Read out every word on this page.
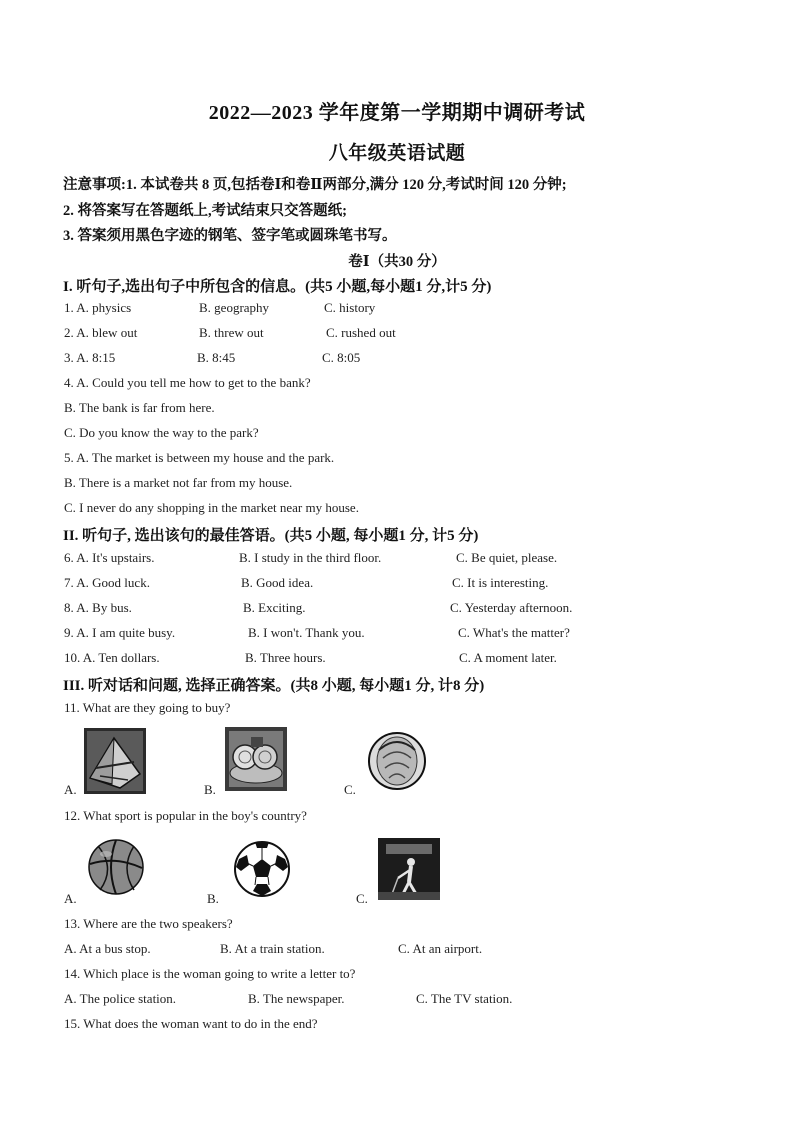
2022—2023 学年度第一学期期中调研考试
八年级英语试题
注意事项:1. 本试卷共 8 页,包括卷Ⅰ和卷Ⅱ两部分,满分 120 分,考试时间 120 分钟;
2. 将答案写在答题纸上,考试结束只交答题纸;
3. 答案须用黑色字迹的钢笔、签字笔或圆珠笔书写。
卷Ⅰ（共30 分）
I. 听句子,选出句子中所包含的信息。(共5 小题,每小题1 分,计5 分)
1. A. physics	B. geography	C. history
2. A. blew out	B. threw out	C. rushed out
3. A. 8:15	B. 8:45	C. 8:05
4. A. Could you tell me how to get to the bank?
B. The bank is far from here.
C. Do you know the way to the park?
5. A. The market is between my house and the park.
B. There is a market not far from my house.
C. I never do any shopping in the market near my house.
II. 听句子, 选出该句的最佳答语。(共5 小题, 每小题1 分, 计5 分)
6. A. It's upstairs.	B. I study in the third floor.	C. Be quiet, please.
7. A. Good luck.	B. Good idea.	C. It is interesting.
8. A. By bus.	B. Exciting.	C. Yesterday afternoon.
9. A. I am quite busy.	B. I won't. Thank you.	C. What's the matter?
10. A. Ten dollars.	B. Three hours.	C. A moment later.
III. 听对话和问题, 选择正确答案。(共8 小题, 每小题1 分, 计8 分)
11. What are they going to buy?
A.	B.	C.
12. What sport is popular in the boy's country?
A.	B.	C.
13. Where are the two speakers?
A. At a bus stop.	B. At a train station.	C. At an airport.
14. Which place is the woman going to write a letter to?
A. The police station.	B. The newspaper.	C. The TV station.
15. What does the woman want to do in the end?
